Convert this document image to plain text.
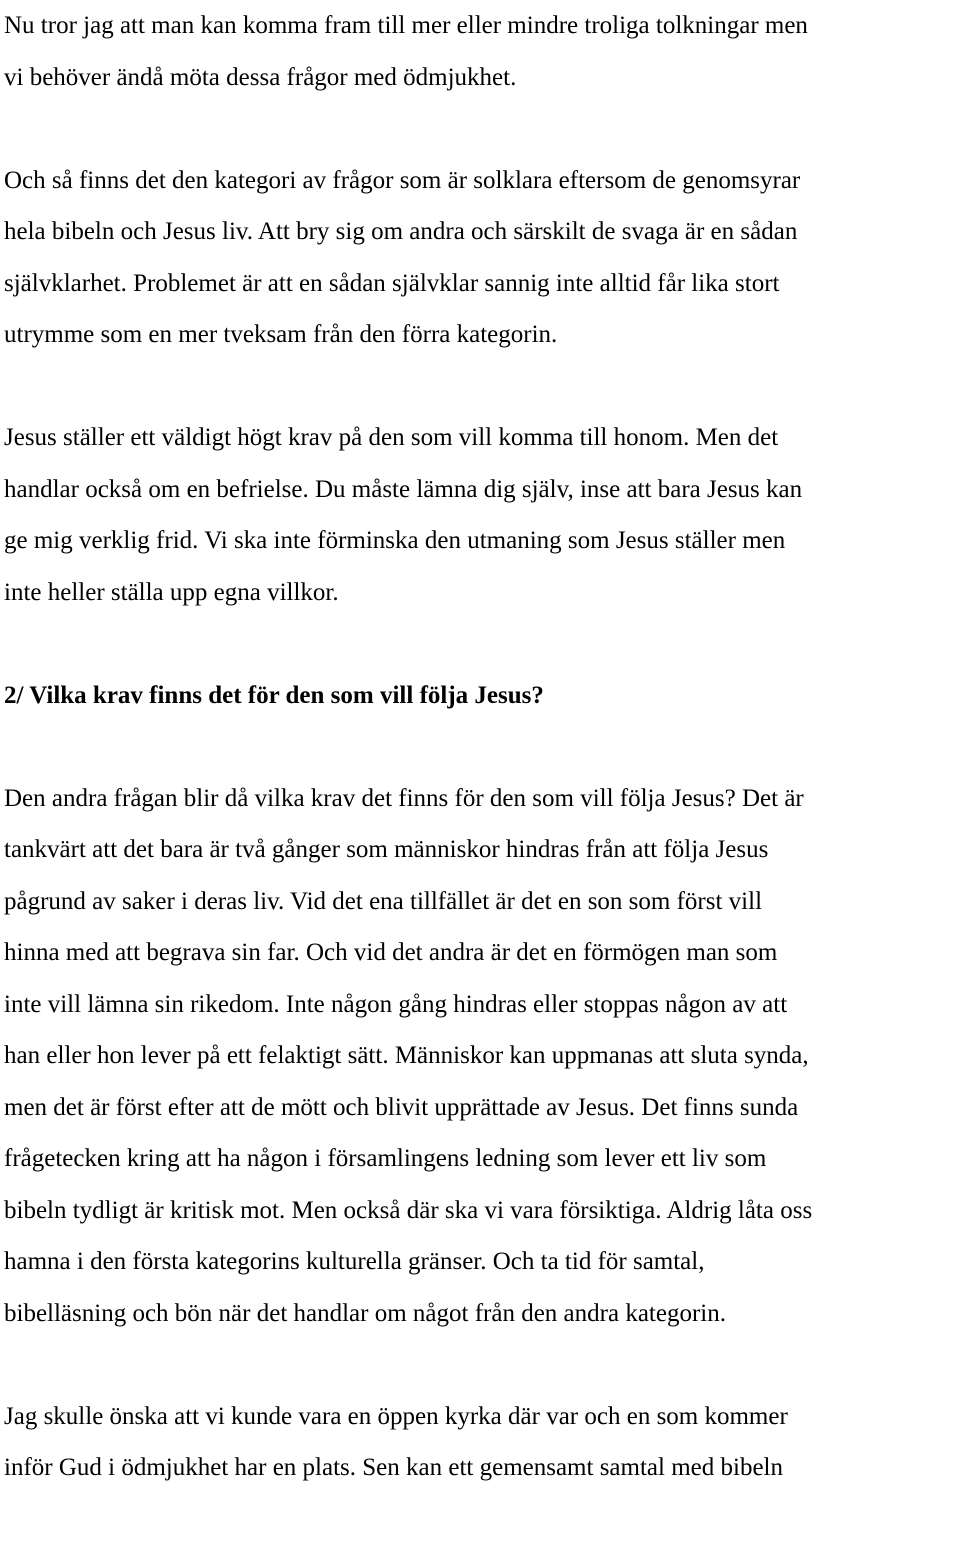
Nu tror jag att man kan komma fram till mer eller mindre troliga tolkningar men
vi behöver ändå möta dessa frågor med ödmjukhet.
Och så finns det den kategori av frågor som är solklara eftersom de genomsyrar
hela bibeln och Jesus liv. Att bry sig om andra och särskilt de svaga är en sådan
självklarhet. Problemet är att en sådan självklar sannig inte alltid får lika stort
utrymme som en mer tveksam från den förra kategorin.
Jesus ställer ett väldigt högt krav på den som vill komma till honom. Men det
handlar också om en befrielse. Du måste lämna dig själv, inse att bara Jesus kan
ge mig verklig frid. Vi ska inte förminska den utmaning som Jesus ställer men
inte heller ställa upp egna villkor.
2/ Vilka krav finns det för den som vill följa Jesus?
Den andra frågan blir då vilka krav det finns för den som vill följa Jesus? Det är
tankvärt att det bara är två gånger som människor hindras från att följa Jesus
pågrund av saker i deras liv. Vid det ena tillfället är det en son som först vill
hinna med att begrava sin far. Och vid det andra är det en förmögen man som
inte vill lämna sin rikedom. Inte någon gång hindras eller stoppas någon av att
han eller hon lever på ett felaktigt sätt. Människor kan uppmanas att sluta synda,
men det är först efter att de mött och blivit upprättade av Jesus. Det finns sunda
frågetecken kring att ha någon i församlingens ledning som lever ett liv som
bibeln tydligt är kritisk mot. Men också där ska vi vara försiktiga. Aldrig låta oss
hamna i den första kategorins kulturella gränser. Och ta tid för samtal,
bibelläsning och bön när det handlar om något från den andra kategorin.
Jag skulle önska att vi kunde vara en öppen kyrka där var och en som kommer
inför Gud i ödmjukhet har en plats. Sen kan ett gemensamt samtal med bibeln
